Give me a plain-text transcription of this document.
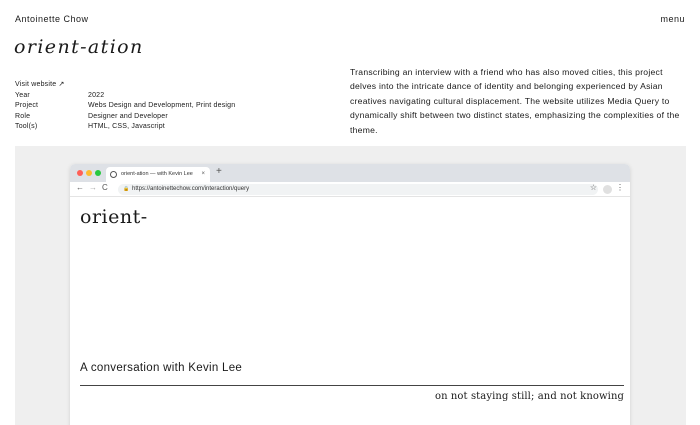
Antoinette Chow	menu
orient-ation
Visit website ↗
Year	2022
Project	Webs Design and Development, Print design
Role	Designer and Developer
Tool(s)	HTML, CSS, Javascript

Transcribing an interview with a friend who has also moved cities, this project delves into the intricate dance of identity and belonging experienced by Asian creatives navigating cultural displacement. The website utilizes Media Query to dynamically shift between two distinct states, emphasizing the complexities of the theme.

orient-ation — with Kevin Lee × +
← → C	🔒 https://antoinettechow.com/interaction/query	☆ ⋮
orient-
A conversation with Kevin Lee
on not staying still; and not knowing
